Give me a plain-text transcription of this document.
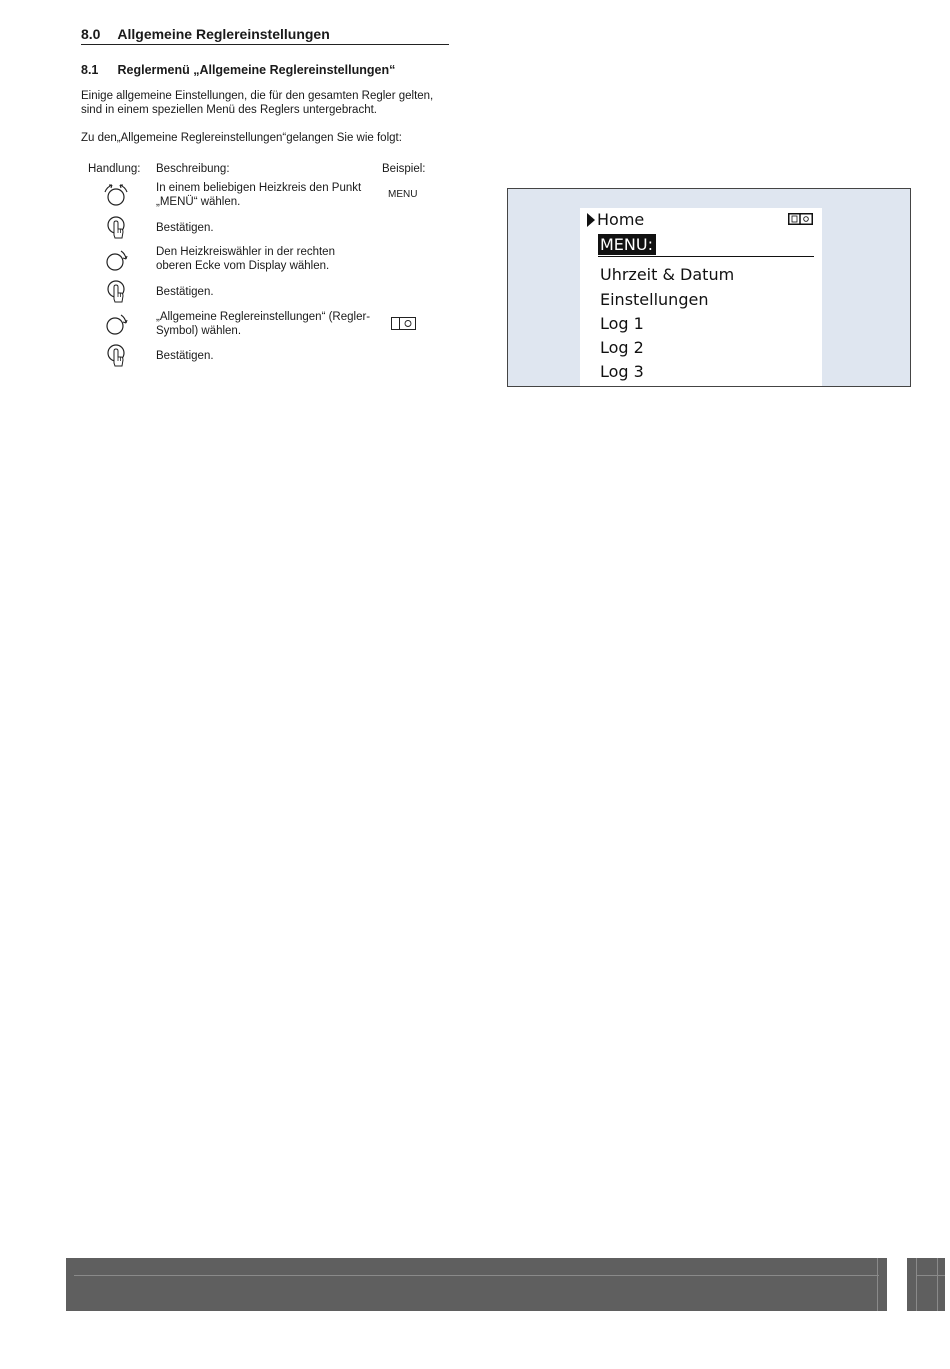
8.0 Allgemeine Reglereinstellungen
8.1 Reglermenü „Allgemeine Reglereinstellungen“
Einige allgemeine Einstellungen, die für den gesamten Regler gelten, sind in einem speziellen Menü des Reglers untergebracht.
Zu den„Allgemeine Reglereinstellungen“gelangen Sie wie folgt:
Handlung: Beschreibung:	Beispiel:
In einem beliebigen Heizkreis den Punkt „MENÜ“ wählen.
MENU
Bestätigen.
Den Heizkreiswähler in der rechten oberen Ecke vom Display wählen.
Bestätigen.
„Allgemeine Reglereinstellungen“ (Regler-Symbol) wählen.
Bestätigen.
Home
MENU:
Uhrzeit & Datum
Einstellungen
Log 1
Log 2
Log 3
